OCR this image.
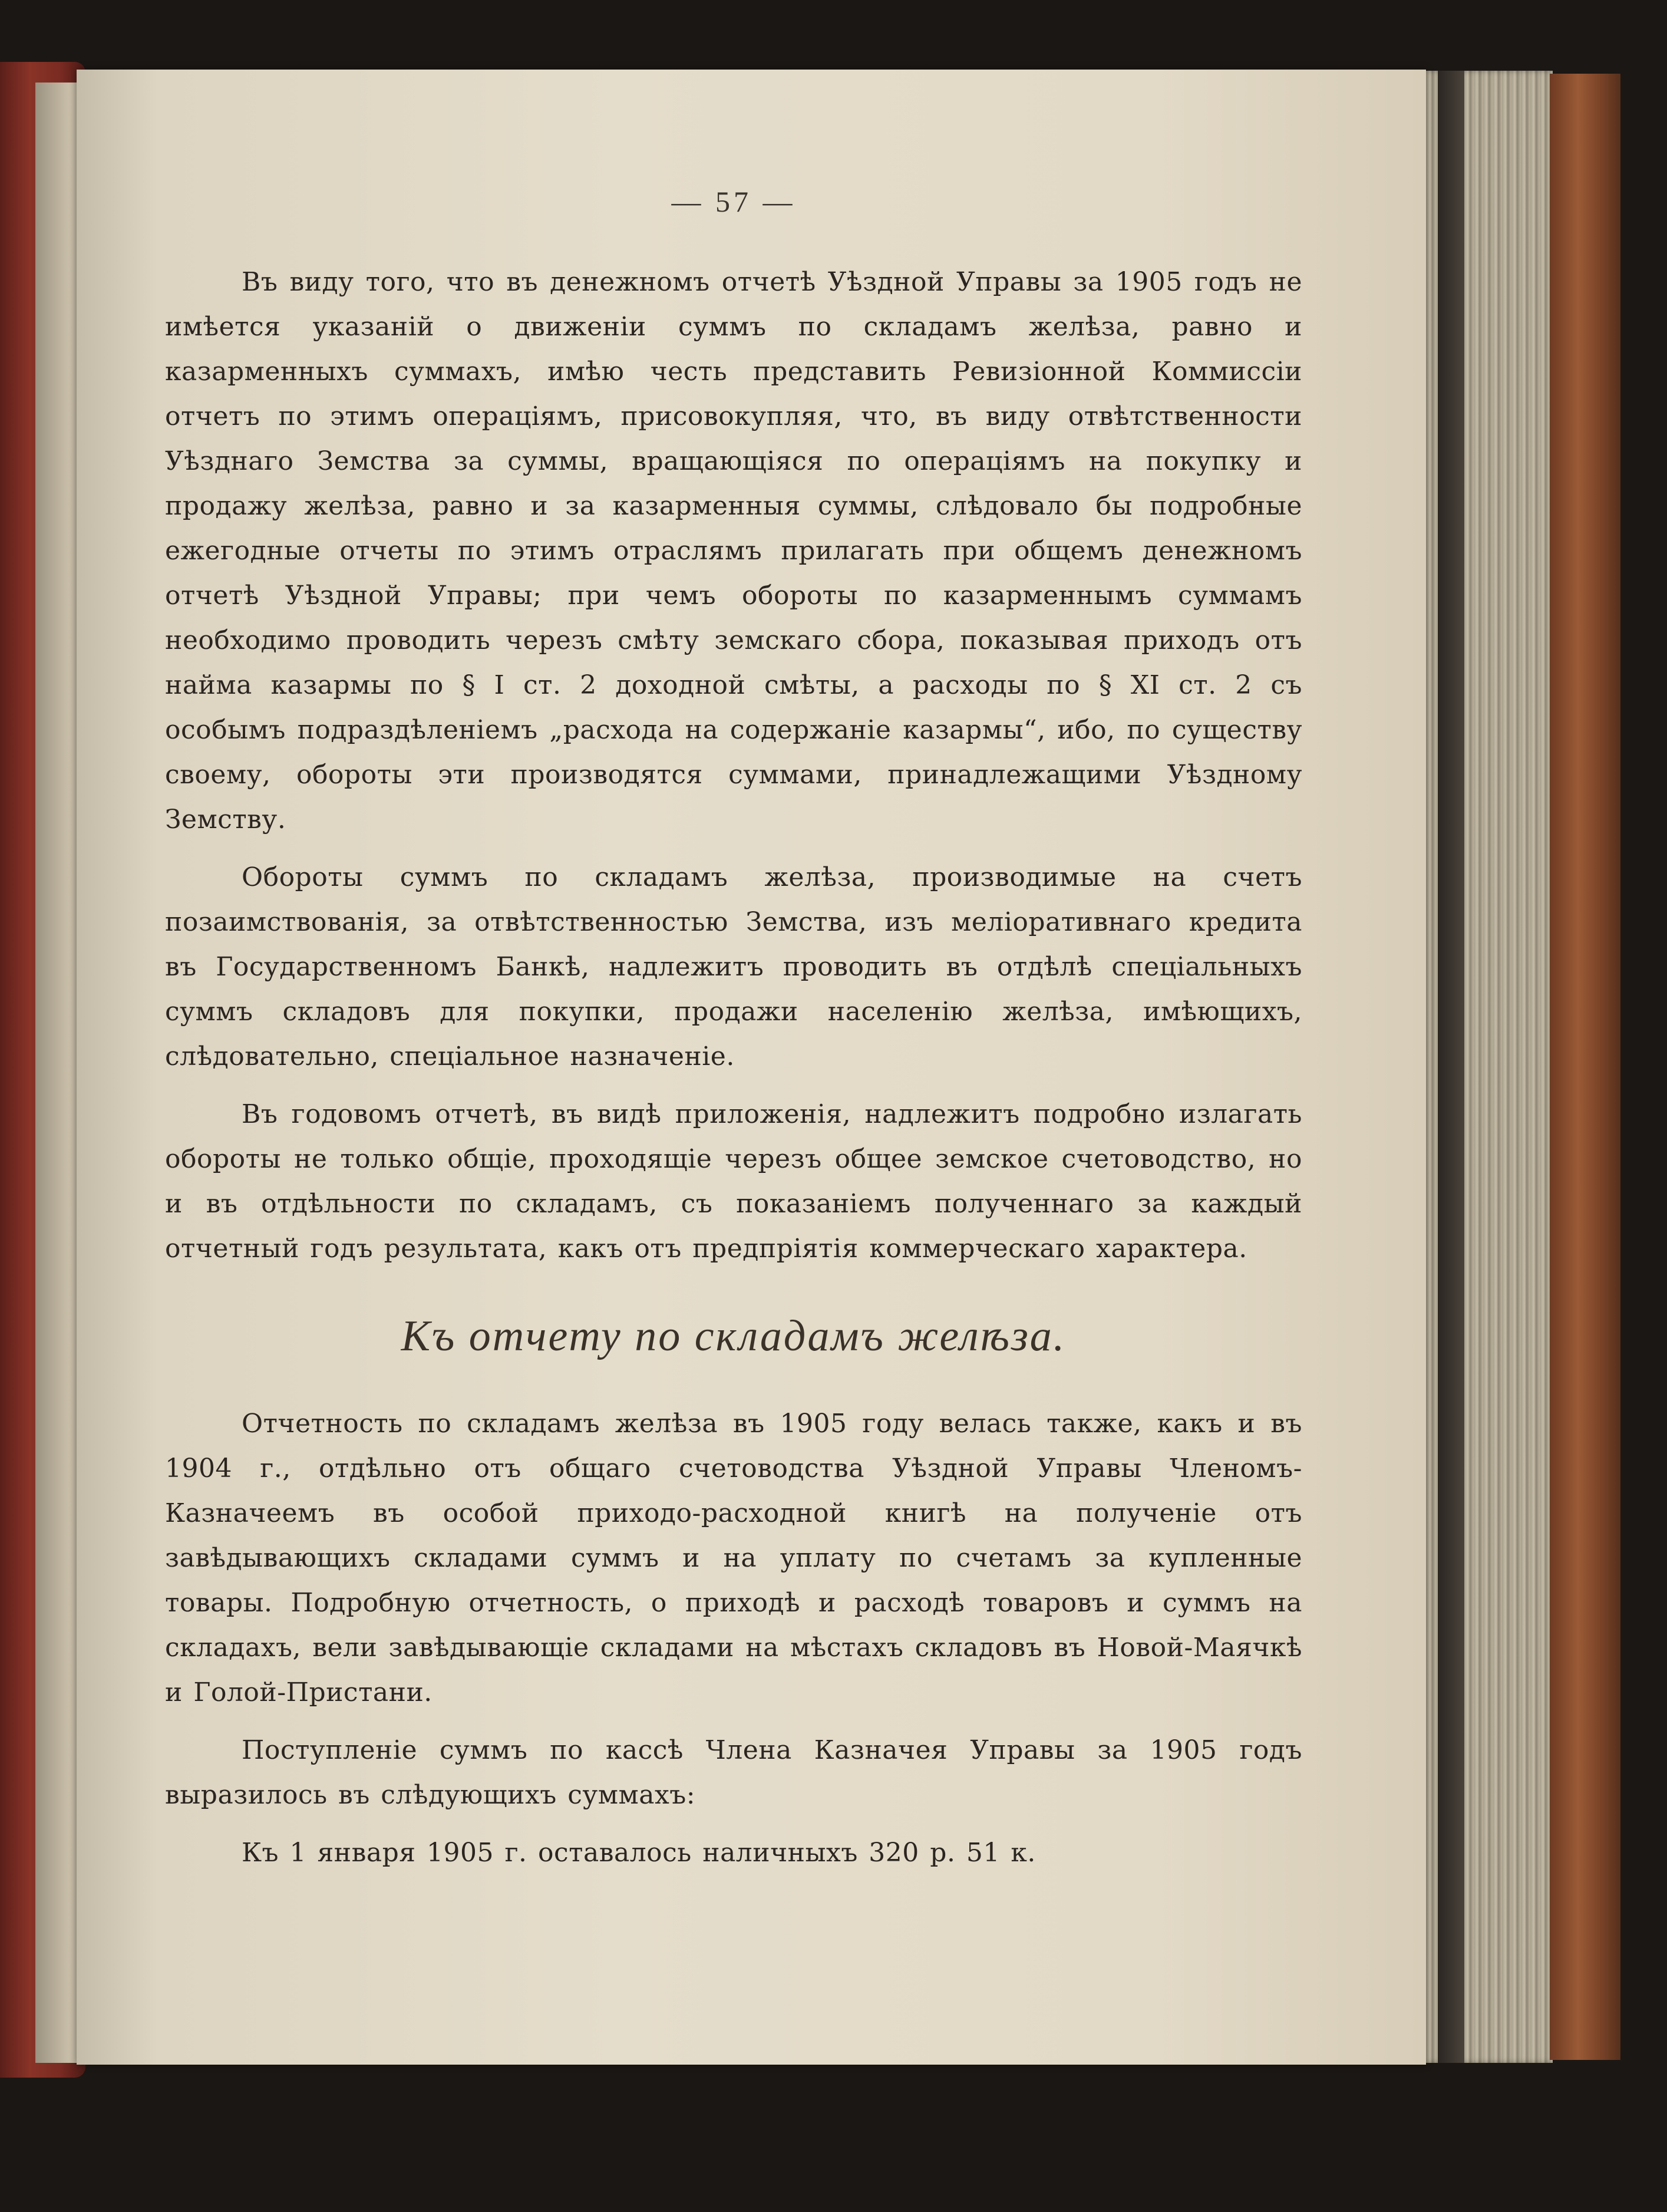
— 57 —

Въ виду того, что въ денежномъ отчетѣ Уѣздной Управы за 1905 годъ не имѣется указаній о движеніи суммъ по складамъ желѣза, равно и казарменныхъ суммахъ, имѣю честь представить Ревизіонной Коммиссіи отчетъ по этимъ операціямъ, присовокупляя, что, въ виду отвѣтственности Уѣзднаго Земства за суммы, вращающіяся по операціямъ на покупку и продажу желѣза, равно и за казарменныя суммы, слѣдовало бы подробные ежегодные отчеты по этимъ отраслямъ прилагать при общемъ денежномъ отчетѣ Уѣздной Управы; при чемъ обороты по казарменнымъ суммамъ необходимо проводить черезъ смѣту земскаго сбора, показывая приходъ отъ найма казармы по § I ст. 2 доходной смѣты, а расходы по § XI ст. 2 съ особымъ подраздѣленіемъ „расхода на содержаніе казармы“, ибо, по существу своему, обороты эти производятся суммами, принадлежащими Уѣздному Земству.

Обороты суммъ по складамъ желѣза, производимые на счетъ позаимствованія, за отвѣтственностью Земства, изъ меліоративнаго кредита въ Государственномъ Банкѣ, надлежитъ проводить въ отдѣлѣ спеціальныхъ суммъ складовъ для покупки, продажи населенію желѣза, имѣющихъ, слѣдовательно, спеціальное назначеніе.

Въ годовомъ отчетѣ, въ видѣ приложенія, надлежитъ подробно излагать обороты не только общіе, проходящіе черезъ общее земское счетоводство, но и въ отдѣльности по складамъ, съ показаніемъ полученнаго за каждый отчетный годъ результата, какъ отъ предпріятія коммерческаго характера.

Къ отчету по складамъ желѣза.

Отчетность по складамъ желѣза въ 1905 году велась также, какъ и въ 1904 г., отдѣльно отъ общаго счетоводства Уѣздной Управы Членомъ-Казначеемъ въ особой приходо-расходной книгѣ на полученіе отъ завѣдывающихъ складами суммъ и на уплату по счетамъ за купленные товары. Подробную отчетность, о приходѣ и расходѣ товаровъ и суммъ на складахъ, вели завѣдывающіе складами на мѣстахъ складовъ въ Новой-Маячкѣ и Голой-Пристани.

Поступленіе суммъ по кассѣ Члена Казначея Управы за 1905 годъ выразилось въ слѣдующихъ суммахъ:

Къ 1 января 1905 г. оставалось наличныхъ 320 р. 51 к.
